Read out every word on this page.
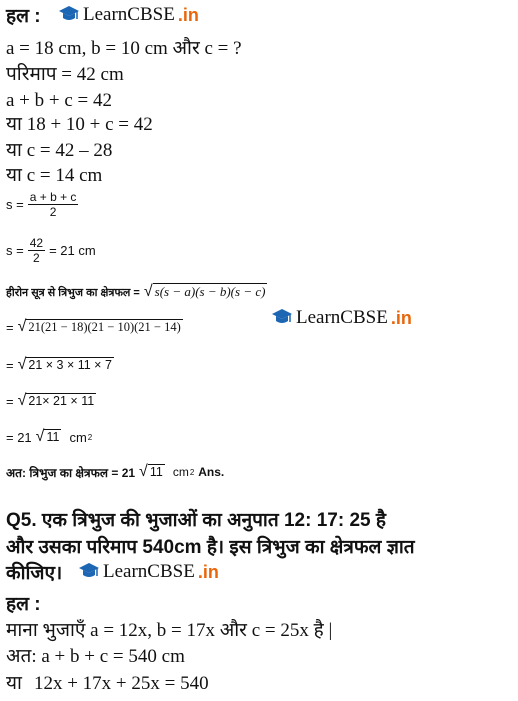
हल : LearnCBSE .in
a = 18 cm, b = 10 cm और c = ?
परिमाप = 42 cm
a + b + c = 42
या 18 + 10 + c = 42
या c = 42 – 28
या c = 14 cm
$s = \frac{a + b + c}{2}$
$s = \frac{42}{2} = 21$ cm
हीरोन सूत्र से त्रिभुज का क्षेत्रफल = √ s(s − a)(s − b)(s − c)
LearnCBSE .in
= √ 21(21 − 18)(21 − 10)(21 − 14)
= √ 21 × 3 × 11 × 7
= √ 21× 21 × 11
= 21 √ 11 cm 2
अत: त्रिभुज का क्षेत्रफल = 21 √ 11 cm 2 Ans.
Q5. एक त्रिभुज की भुजाओं का अनुपात 12: 17: 25 है
और उसका परिमाप 540cm है। इस त्रिभुज का क्षेत्रफल ज्ञात
कीजिए। LearnCBSE .in
हल :
माना भुजाएँ a = 12x, b = 17x और c = 25x है |
अत: a + b + c = 540 cm
या 12x + 17x + 25x = 540
